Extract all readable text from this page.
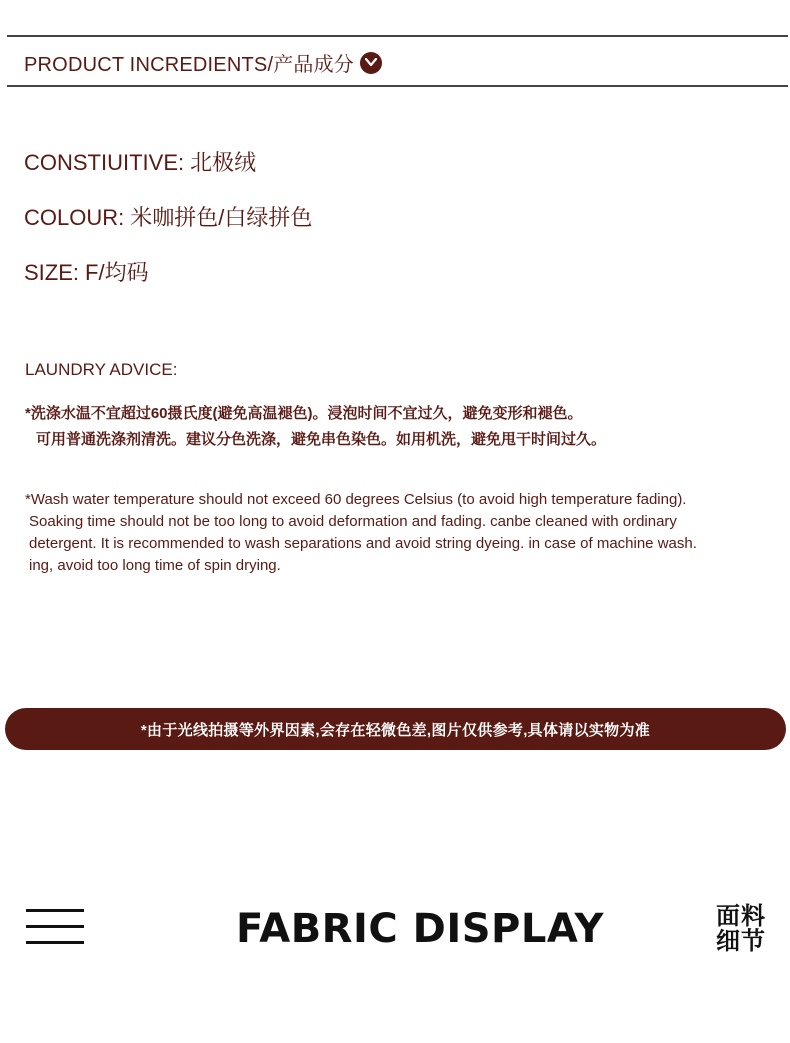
PRODUCT INCREDIENTS/产品成分
CONSTIUITIVE: 北极绒
COLOUR: 米咖拼色/白绿拼色
SIZE: F/均码
LAUNDRY ADVICE:
*洗涤水温不宜超过60摄氏度(避免高温褪色)。浸泡时间不宜过久，避免变形和褪色。
可用普通洗涤剂清洗。建议分色洗涤，避免串色染色。如用机洗，避免甩干时间过久。
*Wash water temperature should not exceed 60 degrees Celsius (to avoid high temperature fading).
Soaking time should not be too long to avoid deformation and fading. canbe cleaned with ordinary
detergent. It is recommended to wash separations and avoid string dyeing. in case of machine wash.
ing, avoid too long time of spin drying.
*由于光线拍摄等外界因素,会存在轻微色差,图片仅供参考,具体请以实物为准
FABRIC DISPLAY	面料细节
